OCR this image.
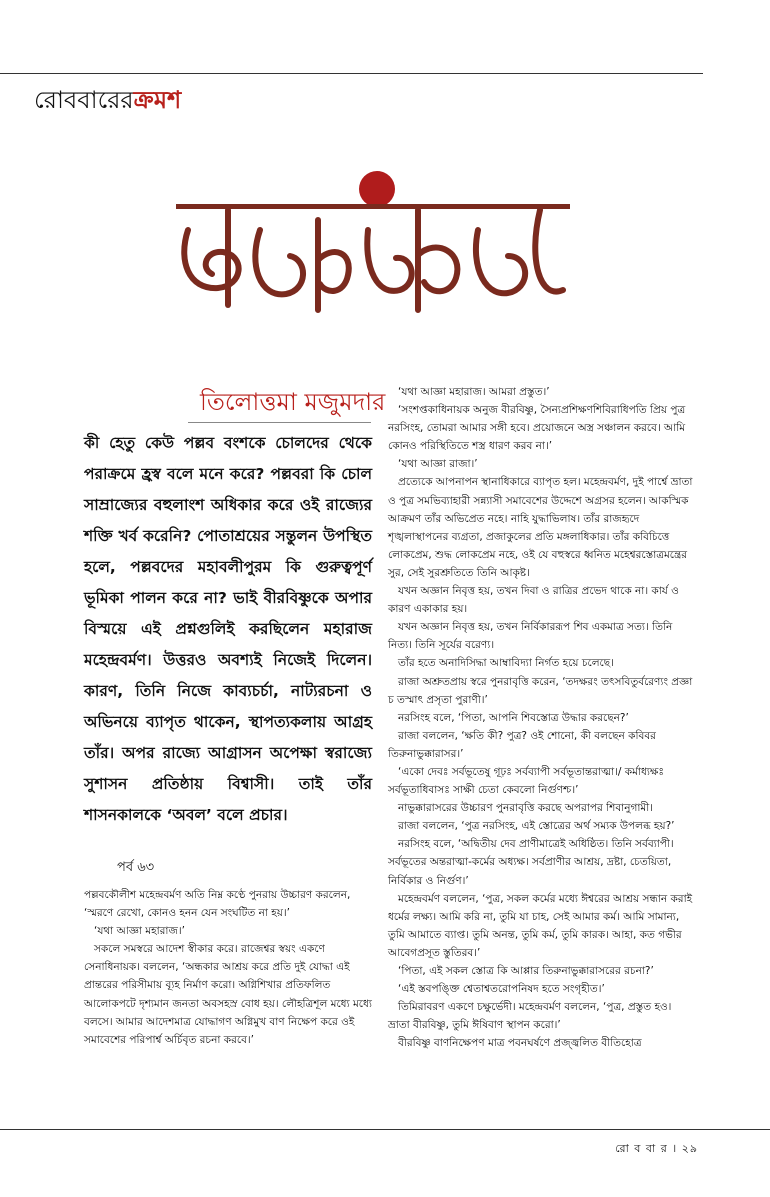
রোববারেরক্রমশ
তিলোত্তমা মজুমদার

কী হেতু কেউ পল্লব বংশকে চোলদের থেকে পরাক্রমে হ্রস্ব বলে মনে করে? পল্লবরা কি চোল সাম্রাজ্যের বহুলাংশ অধিকার করে ওই রাজ্যের শক্তি খর্ব করেনি? পোতাশ্রয়ের সন্তুলন উপস্থিত হলে, পল্লবদের মহাবলীপুরম কি গুরুত্বপূর্ণ ভূমিকা পালন করে না? ভাই বীরবিষ্ণুকে অপার বিস্ময়ে এই প্রশ্নগুলিই করছিলেন মহারাজ মহেন্দ্রবর্মণ। উত্তরও অবশ্যই নিজেই দিলেন। কারণ, তিনি নিজে কাব্যচর্চা, নাট্যরচনা ও অভিনয়ে ব্যাপৃত থাকেন, স্থাপত্যকলায় আগ্রহ তাঁর। অপর রাজ্যে আগ্রাসন অপেক্ষা স্বরাজ্যে সুশাসন প্রতিষ্ঠায় বিশ্বাসী। তাই তাঁর শাসনকালকে ‘অবল’ বলে প্রচার।

পর্ব ৬৩

পল্লবকৌলীশ মহেন্দ্রবর্মণ অতি নিম্ন কণ্ঠে পুনরায় উচ্চারণ করলেন, ‘স্মরণে রেখো, কোনও হনন যেন সংঘটিত না হয়।’

‘যথা আজ্ঞা মহারাজ।’

সকলে সমস্বরে আদেশ স্বীকার করে। রাজেশ্বর স্বয়ং একণে সেনাধিনায়ক। বললেন, ‘অন্ধকার আশ্রয় করে প্রতি দুই যোদ্ধা এই প্রান্তরের পরিসীমায় ব্যূহ নির্মাণ করো। অগ্নিশিখার প্রতিফলিত আলোকপটে দৃশ্যমান জনতা অবসহস্র বোধ হয়। লৌহত্রিশূল মধ্যে মধ্যে বলসে। আমার আদেশমাত্র যোদ্ধাগণ অগ্নিমুখ বাণ নিক্ষেপ করে ওই সমাবেশের পরিপার্শ্ব অর্চিবৃত রচনা করবে।’

‘যথা আজ্ঞা মহারাজ। আমরা প্রস্তুত।’

‘সংশপ্তকাধিনায়ক অনুজ বীরবিষ্ণু, সৈন্যপ্রশিক্ষণশিবিরাধিপতি প্রিয় পুত্র নরসিংহ, তোমরা আমার সঙ্গী হবে। প্রয়োজনে অস্ত্র সঞ্চালন করবে। আমি কোনও পরিস্থিতিতে শস্ত্র ধারণ করব না।’

‘যথা আজ্ঞা রাজা।’

প্রত্যেকে আপনাপন স্থানাধিকারে ব্যাপৃত হল। মহেন্দ্রবর্মণ, দুই পার্শ্বে ভ্রাতা ও পুত্র সমভিব্যাহারী সন্ন্যাসী সমাবেশের উদ্দেশে অগ্রসর হলেন। আকস্মিক আক্রমণ তাঁর অভিপ্রেত নহে। নাহি যুদ্ধাভিলাষ। তাঁর রাজহৃদে শৃঙ্খলাস্থাপনের ব্যগ্রতা, প্রজাকুলের প্রতি মঙ্গলাধিকার। তাঁর কবিচিত্তে লোকপ্রেম, শুদ্ধ লোকপ্রেম নহে, ওই যে বহুস্বরে ধ্বনিত মহেশ্বরস্তোত্রমন্ত্রের সুর, সেই সুরশ্রুতিতে তিনি আকৃষ্ট।

যখন অজ্ঞান নিবৃত্ত হয়, তখন দিবা ও রাত্রির প্রভেদ থাকে না। কার্য ও কারণ একাকার হয়।

যখন অজ্ঞান নিবৃত্ত হয়, তখন নির্বিকাররূপ শিব একমাত্র সত্য। তিনি নিত্য। তিনি সূর্যের বরেণ্য।

তাঁর হতে অনাদিসিদ্ধা আম্বাবিদ্যা নির্গত হয়ে চলেছে।

রাজা অশ্রুতপ্রায় স্বরে পুনরাবৃত্তি করেন, ‘তদক্ষরং তৎসবিতুর্বরেণ্যং প্রজ্ঞা চ তস্মাৎ প্রসৃতা পুরাণী।’

নরসিংহ বলে, ‘পিতা, আপনি শিবস্তোত্র উদ্ধার করছেন?’

রাজা বললেন, ‘ক্ষতি কী? পুত্র? ওই শোনো, কী বলছেন কবিবর তিরুনাভুক্কারাসর।’

‘একো দেবঃ সর্বভূতেষু গূঢ়ঃ সর্বব্যাপী সর্বভূতান্তরাত্মা।/ কর্মাধ্যক্ষঃ সর্বভূতাধিবাসঃ সাক্ষী চেতা কেবলো নির্গুণশ্চ।’

নাভুক্কারাসরের উচ্চারণ পুনরাবৃত্তি করছে অপরাপর শিবানুগামী।

রাজা বললেন, ‘পুত্র নরসিংহ, এই স্তোত্রের অর্থ সম্যক উপলব্ধ হয়?’

নরসিংহ বলে, ‘অদ্বিতীয় দেব প্রাণীমাত্রেই অধিষ্ঠিত। তিনি সর্বব্যাপী। সর্বভূতের অন্তরাত্মা-কর্মের অধ্যক্ষ। সর্বপ্রাণীর আশ্রয়, দ্রষ্টা, চেতয়িতা, নির্বিকার ও নির্গুণ।’

মহেন্দ্রবর্মণ বললেন, ‘পুত্র, সকল কর্মের মধ্যে ঈশ্বরের আশ্রয় সন্ধান করাই ধর্মের লক্ষ্য। আমি করি না, তুমি যা চাহ, সেই আমার কর্ম। আমি সামান্য, তুমি আমাতে ব্যাপ্ত। তুমি অনন্ত, তুমি কর্ম, তুমি কারক। আহা, কত গভীর আবেগপ্রসূত স্তুতিরব।’

‘পিতা, এই সকল স্তোত্র কি আপ্পার তিরুনাভুক্কারাসরের রচনা?’

‘এই স্তবপঙ্ক্তি শ্বেতাশ্বতরোপনিষদ হতে সংগৃহীত।’

তিমিরাবরণ একণে চক্ষুর্ভেদী। মহেন্দ্রবর্মণ বললেন, ‘পুত্র, প্রস্তুত হও। ভ্রাতা বীরবিষ্ণু, তুমি ঈষিবাণ স্থাপন করো।’

বীরবিষ্ণু বাণনিক্ষেপণ মাত্র পবনঘর্ষণে প্রজ্জ্বলিত বীতিহোত্র

রো ব বা র । ২৯
